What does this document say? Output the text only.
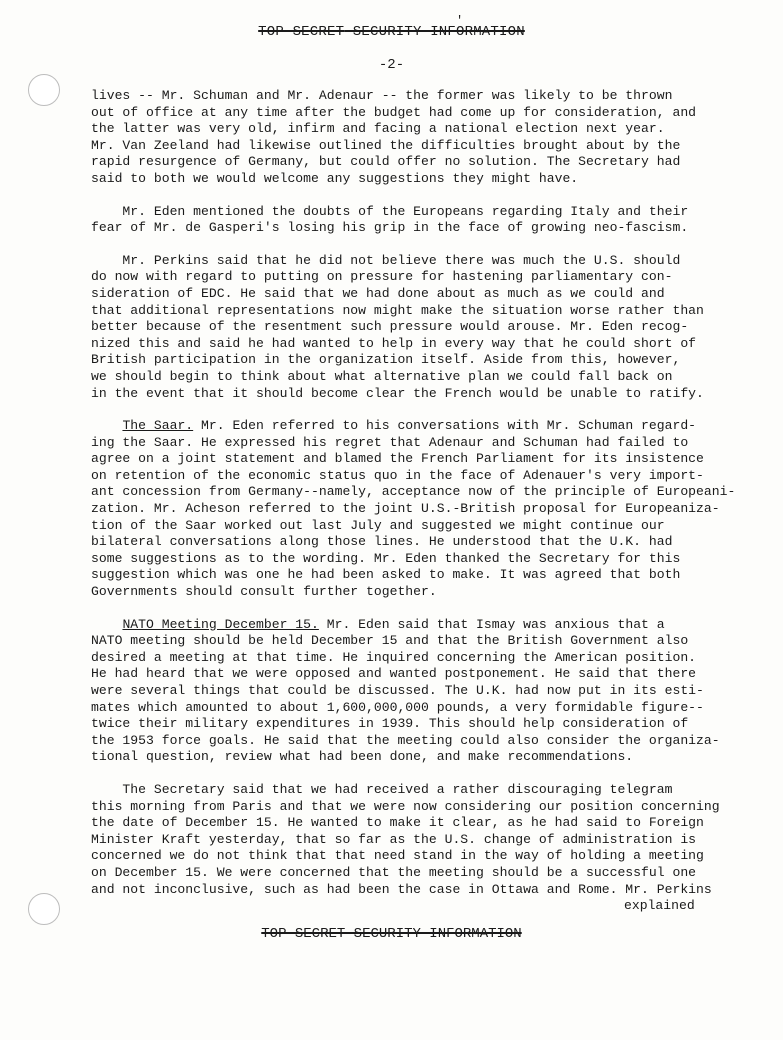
'
TOP SECRET SECURITY INFORMATION
-2-

lives -- Mr. Schuman and Mr. Adenaur -- the former was likely to be thrown
out of office at any time after the budget had come up for consideration, and
the latter was very old, infirm and facing a national election next year.
Mr. Van Zeeland had likewise outlined the difficulties brought about by the
rapid resurgence of Germany, but could offer no solution. The Secretary had
said to both we would welcome any suggestions they might have.

Mr. Eden mentioned the doubts of the Europeans regarding Italy and their
fear of Mr. de Gasperi's losing his grip in the face of growing neo-fascism.

Mr. Perkins said that he did not believe there was much the U.S. should
do now with regard to putting on pressure for hastening parliamentary con-
sideration of EDC. He said that we had done about as much as we could and
that additional representations now might make the situation worse rather than
better because of the resentment such pressure would arouse. Mr. Eden recog-
nized this and said he had wanted to help in every way that he could short of
British participation in the organization itself. Aside from this, however,
we should begin to think about what alternative plan we could fall back on
in the event that it should become clear the French would be unable to ratify.

The Saar. Mr. Eden referred to his conversations with Mr. Schuman regard-
ing the Saar. He expressed his regret that Adenaur and Schuman had failed to
agree on a joint statement and blamed the French Parliament for its insistence
on retention of the economic status quo in the face of Adenauer's very import-
ant concession from Germany--namely, acceptance now of the principle of Europeani-
zation. Mr. Acheson referred to the joint U.S.-British proposal for Europeaniza-
tion of the Saar worked out last July and suggested we might continue our
bilateral conversations along those lines. He understood that the U.K. had
some suggestions as to the wording. Mr. Eden thanked the Secretary for this
suggestion which was one he had been asked to make. It was agreed that both
Governments should consult further together.

NATO Meeting December 15. Mr. Eden said that Ismay was anxious that a
NATO meeting should be held December 15 and that the British Government also
desired a meeting at that time. He inquired concerning the American position.
He had heard that we were opposed and wanted postponement. He said that there
were several things that could be discussed. The U.K. had now put in its esti-
mates which amounted to about 1,600,000,000 pounds, a very formidable figure--
twice their military expenditures in 1939. This should help consideration of
the 1953 force goals. He said that the meeting could also consider the organiza-
tional question, review what had been done, and make recommendations.

The Secretary said that we had received a rather discouraging telegram
this morning from Paris and that we were now considering our position concerning
the date of December 15. He wanted to make it clear, as he had said to Foreign
Minister Kraft yesterday, that so far as the U.S. change of administration is
concerned we do not think that that need stand in the way of holding a meeting
on December 15. We were concerned that the meeting should be a successful one
and not inconclusive, such as had been the case in Ottawa and Rome. Mr. Perkins

explained
TOP SECRET SECURITY INFORMATION
